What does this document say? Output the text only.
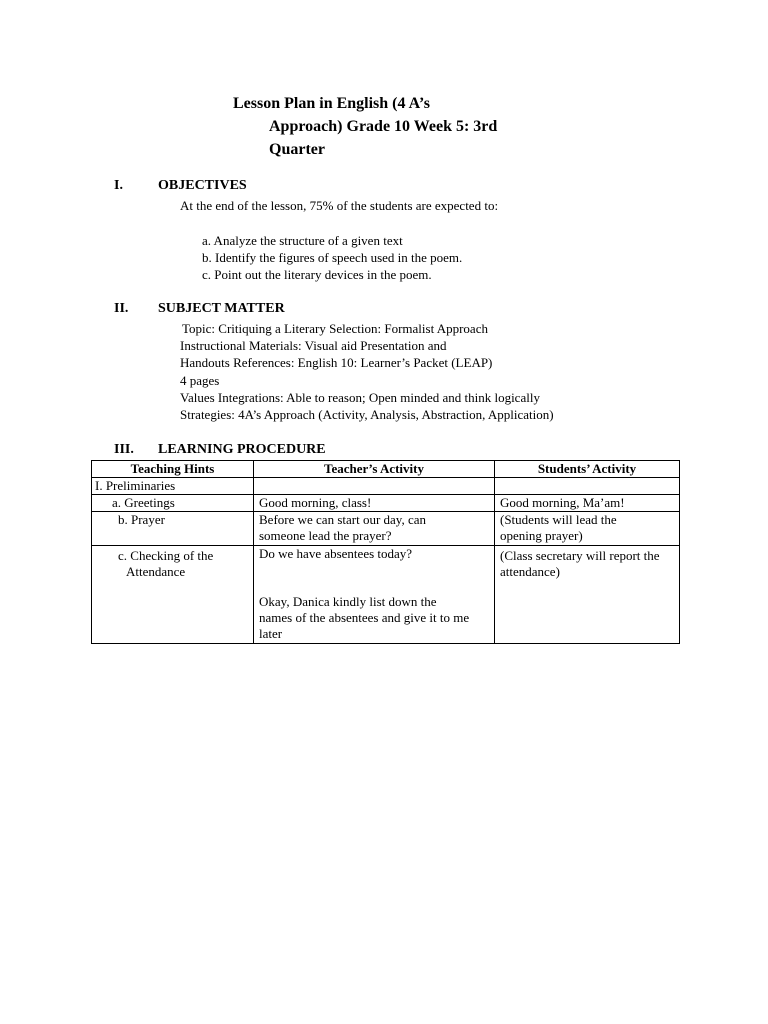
Lesson Plan in English (4 A’s
Approach) Grade 10 Week 5: 3rd
Quarter
I.	OBJECTIVES
At the end of the lesson, 75% of the students are expected to:
a. Analyze the structure of a given text
b. Identify the figures of speech used in the poem.
c. Point out the literary devices in the poem.
II. SUBJECT MATTER
Topic: Critiquing a Literary Selection: Formalist Approach
Instructional Materials: Visual aid Presentation and
Handouts References: English 10: Learner’s Packet (LEAP)
4 pages
Values Integrations: Able to reason; Open minded and think logically
Strategies: 4A’s Approach (Activity, Analysis, Abstraction, Application)
III. LEARNING PROCEDURE
Teaching Hints	Teacher’s Activity	Students’ Activity
I. Preliminaries		

a. Greetings	Good morning, class!	Good morning, Ma’am!

b. Prayer	Before we can start our day, can
someone lead the prayer?	(Students will lead the
opening prayer)

c. Checking of the
Attendance	Do we have absentees today?
Okay, Danica kindly list down the
names of the absentees and give it to me
later	(Class secretary will report the
attendance)
